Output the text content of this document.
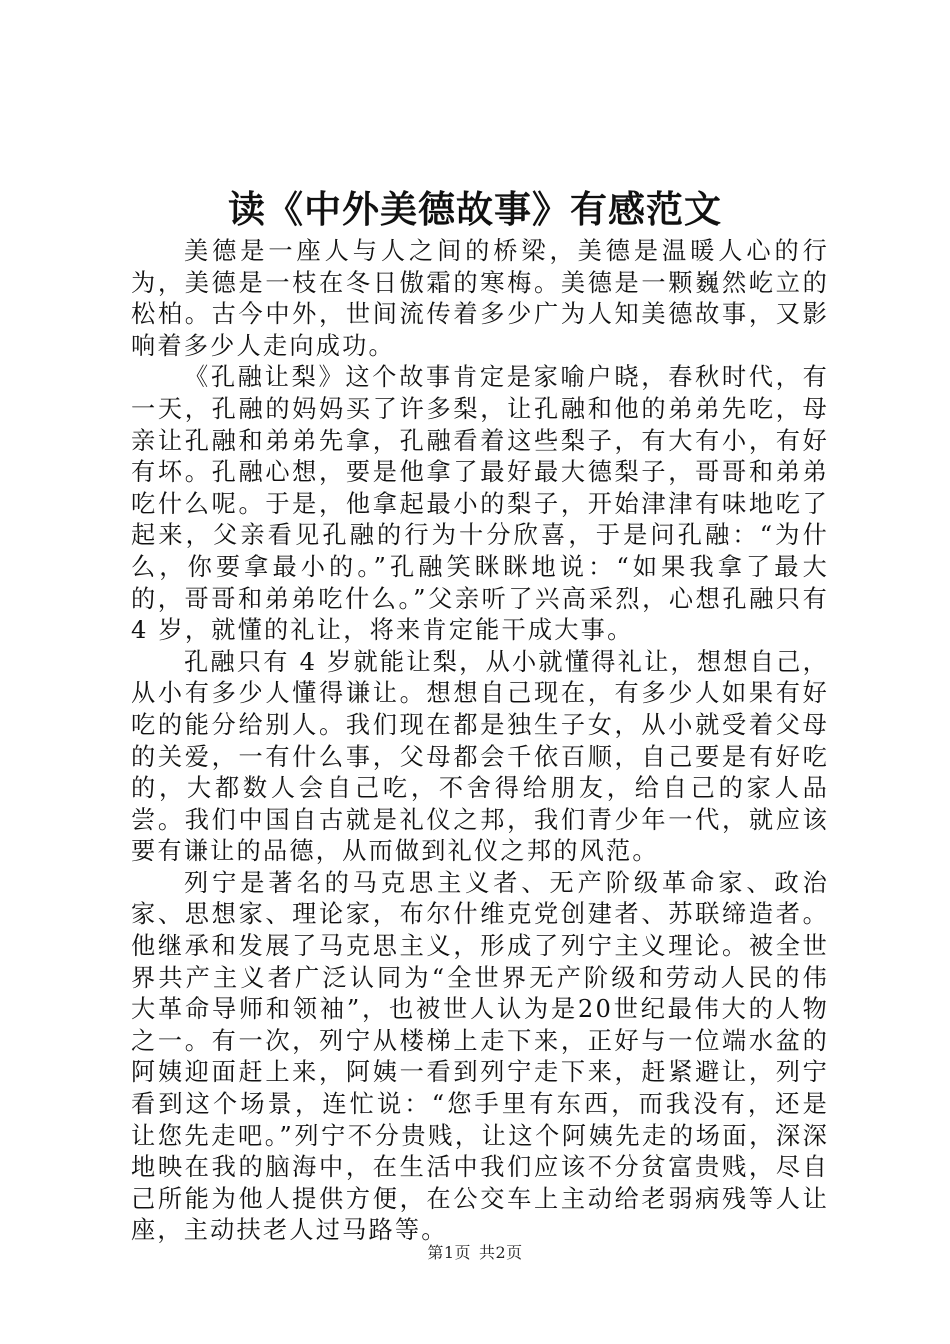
读《中外美德故事》有感范文

美德是一座人与人之间的桥梁，美德是温暖人心的行为，美德是一枝在冬日傲霜的寒梅。美德是一颗巍然屹立的松柏。古今中外，世间流传着多少广为人知美德故事，又影响着多少人走向成功。

《孔融让梨》这个故事肯定是家喻户晓，春秋时代，有一天，孔融的妈妈买了许多梨，让孔融和他的弟弟先吃，母亲让孔融和弟弟先拿，孔融看着这些梨子，有大有小，有好有坏。孔融心想，要是他拿了最好最大德梨子，哥哥和弟弟吃什么呢。于是，他拿起最小的梨子，开始津津有味地吃了起来，父亲看见孔融的行为十分欣喜，于是问孔融：“为什么，你要拿最小的。”孔融笑眯眯地说：“如果我拿了最大的，哥哥和弟弟吃什么。”父亲听了兴高采烈，心想孔融只有 4 岁，就懂的礼让，将来肯定能干成大事。

孔融只有 4 岁就能让梨，从小就懂得礼让，想想自己，从小有多少人懂得谦让。想想自己现在，有多少人如果有好吃的能分给别人。我们现在都是独生子女，从小就受着父母的关爱，一有什么事，父母都会千依百顺，自己要是有好吃的，大都数人会自己吃，不舍得给朋友，给自己的家人品尝。我们中国自古就是礼仪之邦，我们青少年一代，就应该要有谦让的品德，从而做到礼仪之邦的风范。

列宁是著名的马克思主义者、无产阶级革命家、政治家、思想家、理论家，布尔什维克党创建者、苏联缔造者。他继承和发展了马克思主义，形成了列宁主义理论。被全世界共产主义者广泛认同为“全世界无产阶级和劳动人民的伟大革命导师和领袖”，也被世人认为是20世纪最伟大的人物之一。有一次，列宁从楼梯上走下来，正好与一位端水盆的阿姨迎面赶上来，阿姨一看到列宁走下来，赶紧避让，列宁看到这个场景，连忙说：“您手里有东西，而我没有，还是让您先走吧。”列宁不分贵贱，让这个阿姨先走的场面，深深地映在我的脑海中，在生活中我们应该不分贫富贵贱，尽自己所能为他人提供方便，在公交车上主动给老弱病残等人让座，主动扶老人过马路等。

第1页 共2页
